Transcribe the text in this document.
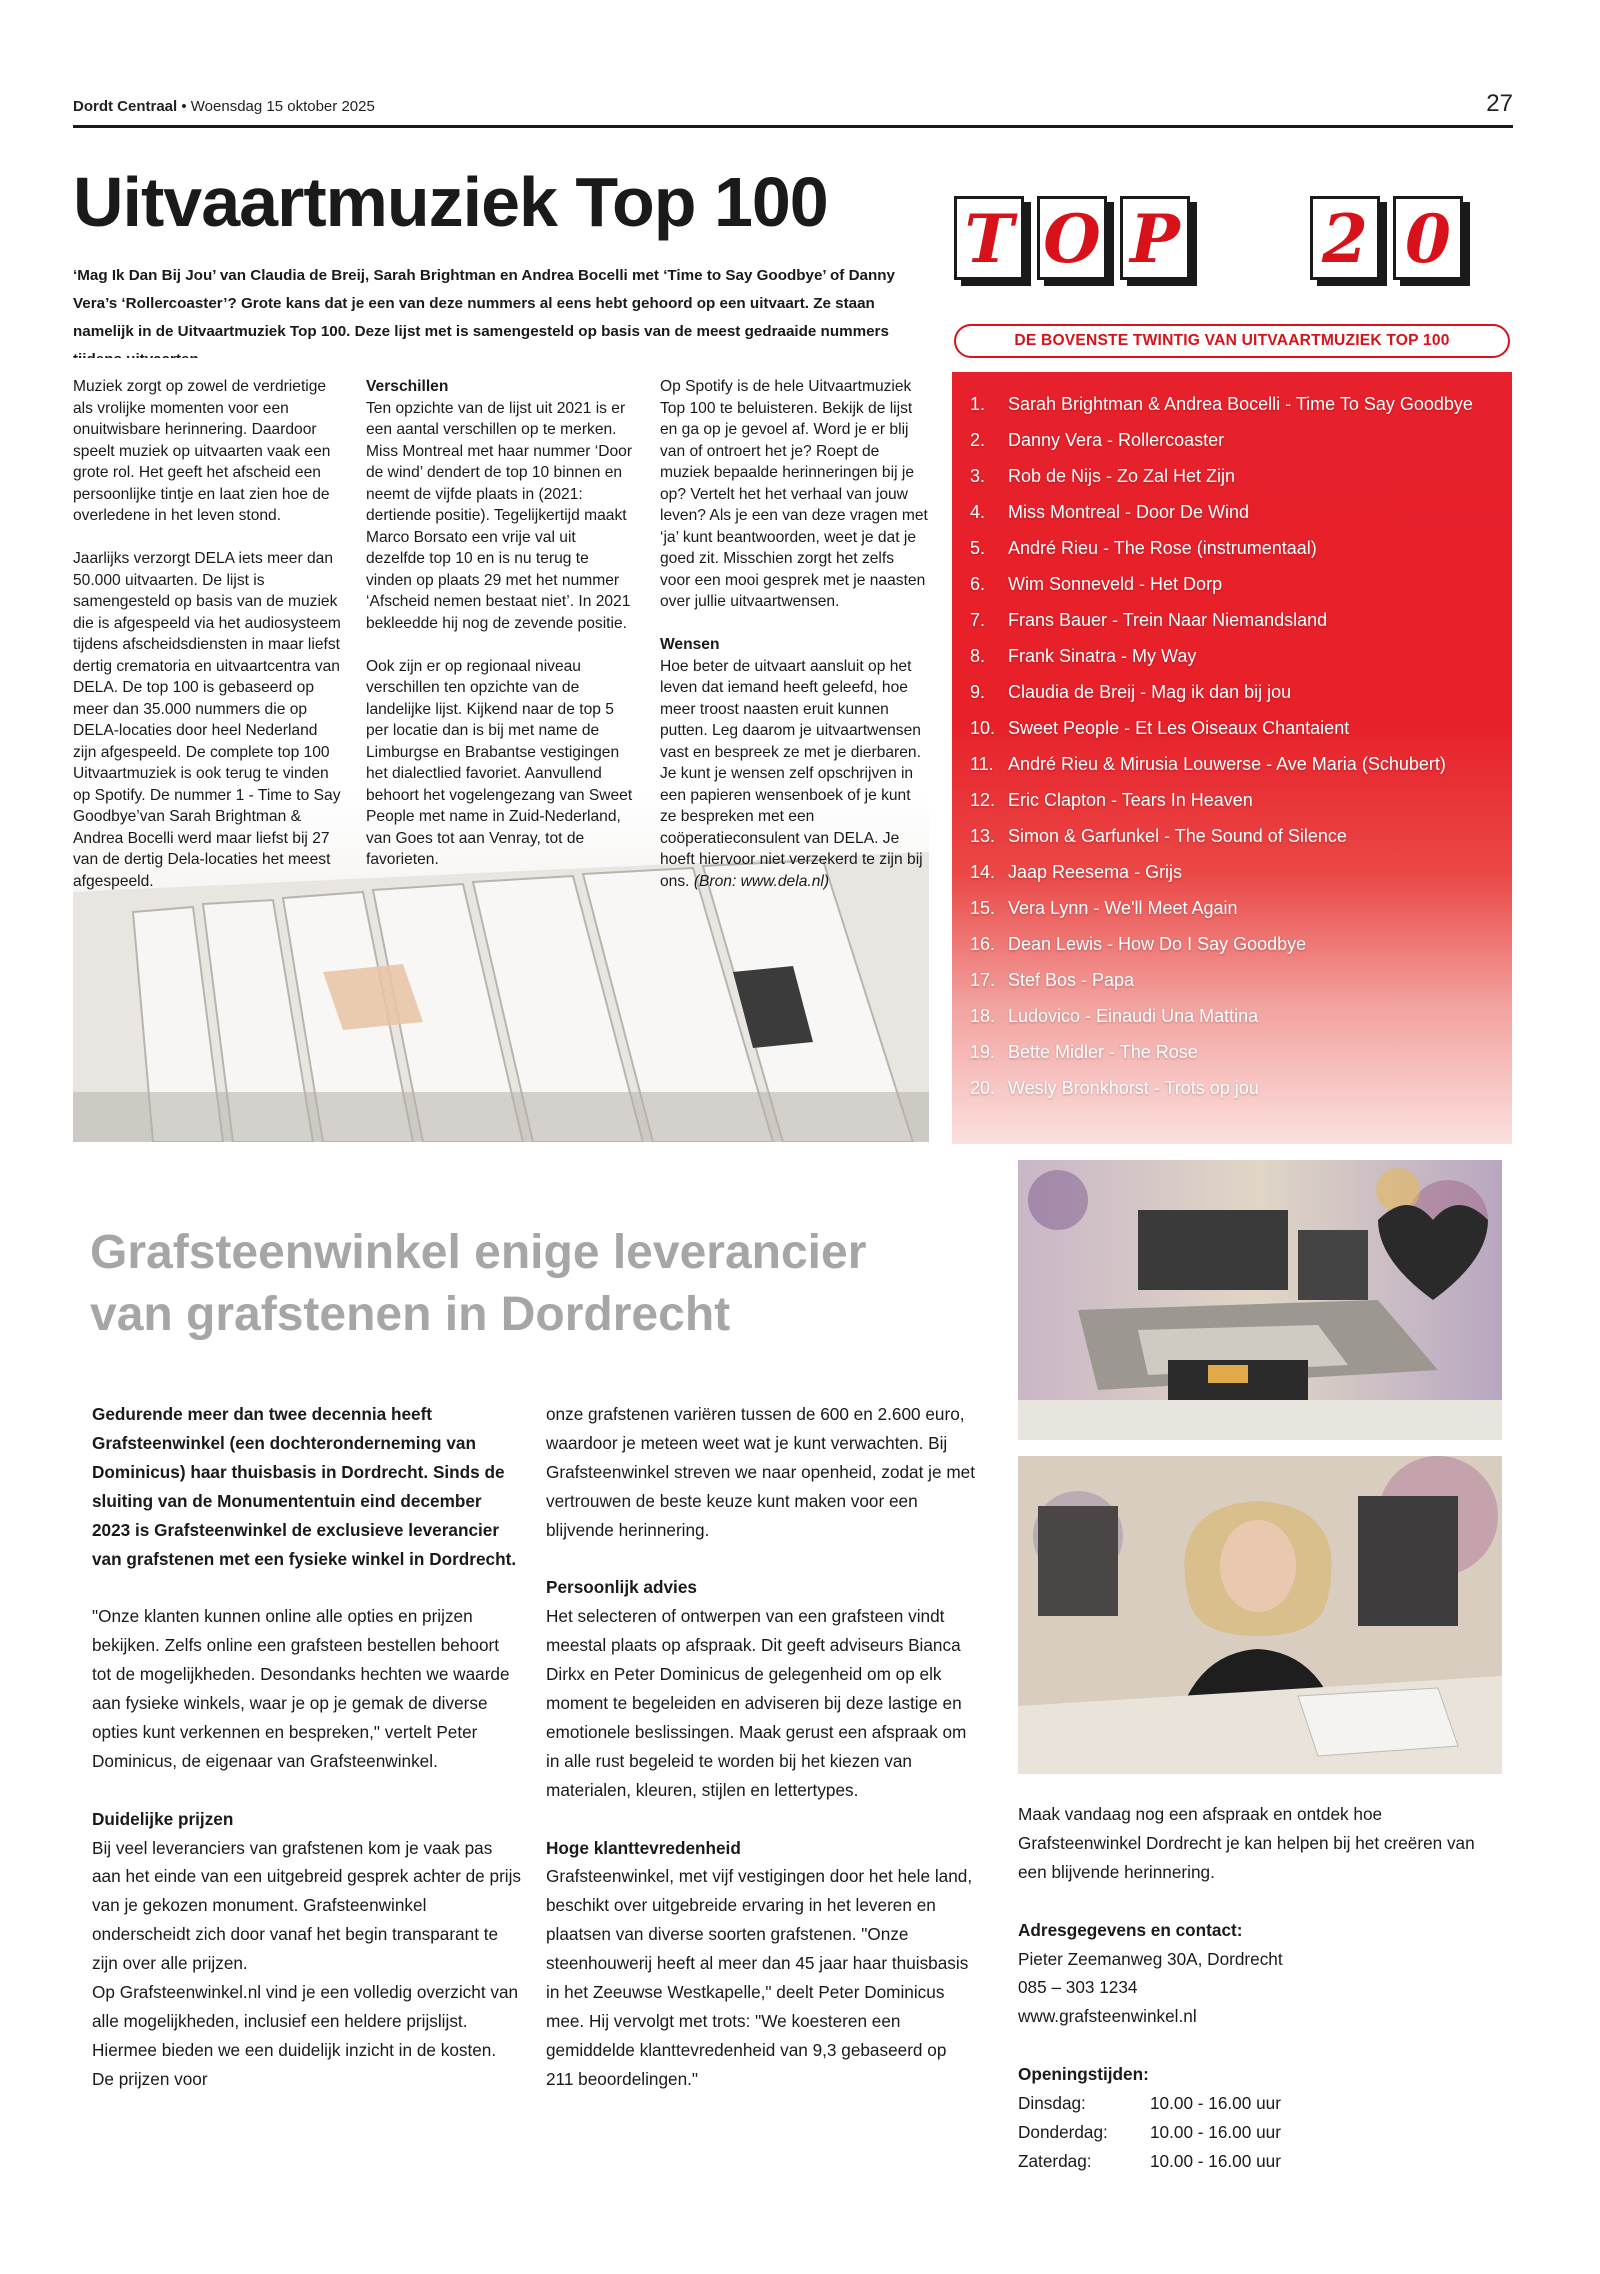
Dordt Centraal • Woensdag 15 oktober 2025	27
Uitvaartmuziek Top 100

‘Mag Ik Dan Bij Jou’ van Claudia de Breij, Sarah Brightman en Andrea Bocelli met ‘Time to Say Goodbye’ of Danny Vera’s ‘Rollercoaster’? Grote kans dat je een van deze nummers al eens hebt gehoord op een uitvaart. Ze staan namelijk in de Uitvaartmuziek Top 100. Deze lijst met is samengesteld op basis van de meest gedraaide nummers

Muziek zorgt op zowel de verdrietige als vrolijke momenten voor een onuitwisbare herinnering. Daardoor speelt muziek op uitvaarten vaak een grote rol. Het geeft het afscheid een persoonlijke tintje en laat zien hoe de overledene in het leven stond.

Jaarlijks verzorgt DELA iets meer dan 50.000 uitvaarten. De lijst is samengesteld op basis van de muziek die is afgespeeld via het audiosysteem tijdens afscheidsdiensten in maar liefst dertig crematoria en uitvaartcentra van DELA. De top 100 is gebaseerd op meer dan 35.000 nummers die op DELA-locaties door heel Nederland zijn afgespeeld. De complete top 100 Uitvaartmuziek is ook terug te vinden op Spotify. De nummer 1 - Time to Say Goodbye’van Sarah Brightman & Andrea Bocelli werd maar liefst bij 27 van de dertig Dela-locaties het meest afgespeeld.

Verschillen

Ten opzichte van de lijst uit 2021 is er een aantal verschillen op te merken. Miss Montreal met haar nummer ‘Door de wind’ dendert de top 10 binnen en neemt de vijfde plaats in (2021: dertiende positie). Tegelijkertijd maakt Marco Borsato een vrije val uit dezelfde top 10 en is nu terug te vinden op plaats 29 met het nummer ‘Afscheid nemen bestaat niet’. In 2021 bekleedde hij nog de zevende positie.

Ook zijn er op regionaal niveau verschillen ten opzichte van de landelijke lijst. Kijkend naar de top 5 per locatie dan is bij met name de Limburgse en Brabantse vestigingen het dialectlied favoriet. Aanvullend behoort het vogelengezang van Sweet People met name in Zuid-Nederland, van Goes tot aan Venray, tot de favorieten.

Op Spotify is de hele Uitvaartmuziek Top 100 te beluisteren. Bekijk de lijst en ga op je gevoel af. Word je er blij van of ontroert het je? Roept de muziek bepaalde herinneringen bij je op? Vertelt het het verhaal van jouw leven? Als je een van deze vragen met ‘ja’ kunt beantwoorden, weet je dat je goed zit. Misschien zorgt het zelfs voor een mooi gesprek met je naasten over jullie uitvaartwensen.

Wensen

Hoe beter de uitvaart aansluit op het leven dat iemand heeft geleefd, hoe meer troost naasten eruit kunnen putten. Leg daarom je uitvaartwensen vast en bespreek ze met je dierbaren. Je kunt je wensen zelf opschrijven in een papieren wensenboek of je kunt ze bespreken met een coöperatieconsulent van DELA. Je hoeft hiervoor niet verzekerd te zijn bij ons. (Bron: www.dela.nl)

T O P 2 0
DE BOVENSTE TWINTIG VAN UITVAARTMUZIEK TOP 100
1. Sarah Brightman & Andrea Bocelli - Time To Say Goodbye
2. Danny Vera - Rollercoaster
3. Rob de Nijs - Zo Zal Het Zijn
4. Miss Montreal - Door De Wind
5. André Rieu - The Rose (instrumentaal)
6. Wim Sonneveld - Het Dorp
7. Frans Bauer - Trein Naar Niemandsland
8. Frank Sinatra - My Way
9. Claudia de Breij - Mag ik dan bij jou
10. Sweet People - Et Les Oiseaux Chantaient
11. André Rieu & Mirusia Louwerse - Ave Maria (Schubert)
12. Eric Clapton - Tears In Heaven
13. Simon & Garfunkel - The Sound of Silence
14. Jaap Reesema - Grijs
15. Vera Lynn - We'll Meet Again
16. Dean Lewis - How Do I Say Goodbye
17. Stef Bos - Papa
18. Ludovico - Einaudi Una Mattina
19. Bette Midler - The Rose
20. Wesly Bronkhorst - Trots op jou
Grafsteenwinkel enige leverancier
van grafstenen in Dordrecht

Gedurende meer dan twee decennia heeft Grafsteenwinkel (een dochteronderneming van Dominicus) haar thuisbasis in Dordrecht. Sinds de sluiting van de Monumententuin eind december 2023 is Grafsteenwinkel de exclusieve leverancier van grafstenen met een fysieke winkel in Dordrecht.

"Onze klanten kunnen online alle opties en prijzen bekijken. Zelfs online een grafsteen bestellen behoort tot de mogelijkheden. Desondanks hechten we waarde aan fysieke winkels, waar je op je gemak de diverse opties kunt verkennen en bespreken," vertelt Peter Dominicus, de eigenaar van Grafsteenwinkel.

Duidelijke prijzen

Bij veel leveranciers van grafstenen kom je vaak pas aan het einde van een uitgebreid gesprek achter de prijs van je gekozen monument. Grafsteenwinkel onderscheidt zich door vanaf het begin transparant te zijn over alle prijzen.

Op Grafsteenwinkel.nl vind je een volledig overzicht van alle mogelijkheden, inclusief een heldere prijslijst. Hiermee bieden we een duidelijk inzicht in de kosten. De prijzen voor

onze grafstenen variëren tussen de 600 en 2.600 euro, waardoor je meteen weet wat je kunt verwachten. Bij Grafsteenwinkel streven we naar openheid, zodat je met vertrouwen de beste keuze kunt maken voor een blijvende herinnering.

Persoonlijk advies

Het selecteren of ontwerpen van een grafsteen vindt meestal plaats op afspraak. Dit geeft adviseurs Bianca Dirkx en Peter Dominicus de gelegenheid om op elk moment te begeleiden en adviseren bij deze lastige en emotionele beslissingen. Maak gerust een afspraak om in alle rust begeleid te worden bij het kiezen van materialen, kleuren, stijlen en lettertypes.

Hoge klanttevredenheid

Grafsteenwinkel, met vijf vestigingen door het hele land, beschikt over uitgebreide ervaring in het leveren en plaatsen van diverse soorten grafstenen. "Onze steenhouwerij heeft al meer dan 45 jaar haar thuisbasis in het Zeeuwse Westkapelle," deelt Peter Dominicus mee. Hij vervolgt met trots: "We koesteren een gemiddelde klanttevredenheid van 9,3 gebaseerd op 211 beoordelingen."

Maak vandaag nog een afspraak en ontdek hoe Grafsteenwinkel Dordrecht je kan helpen bij het creëren van een blijvende herinnering.

Adresgegevens en contact:
Pieter Zeemanweg 30A, Dordrecht
085 – 303 1234
www.grafsteenwinkel.nl
Openingstijden:
Dinsdag:	10.00 - 16.00 uur
Donderdag:	10.00 - 16.00 uur
Zaterdag:	10.00 - 16.00 uur
